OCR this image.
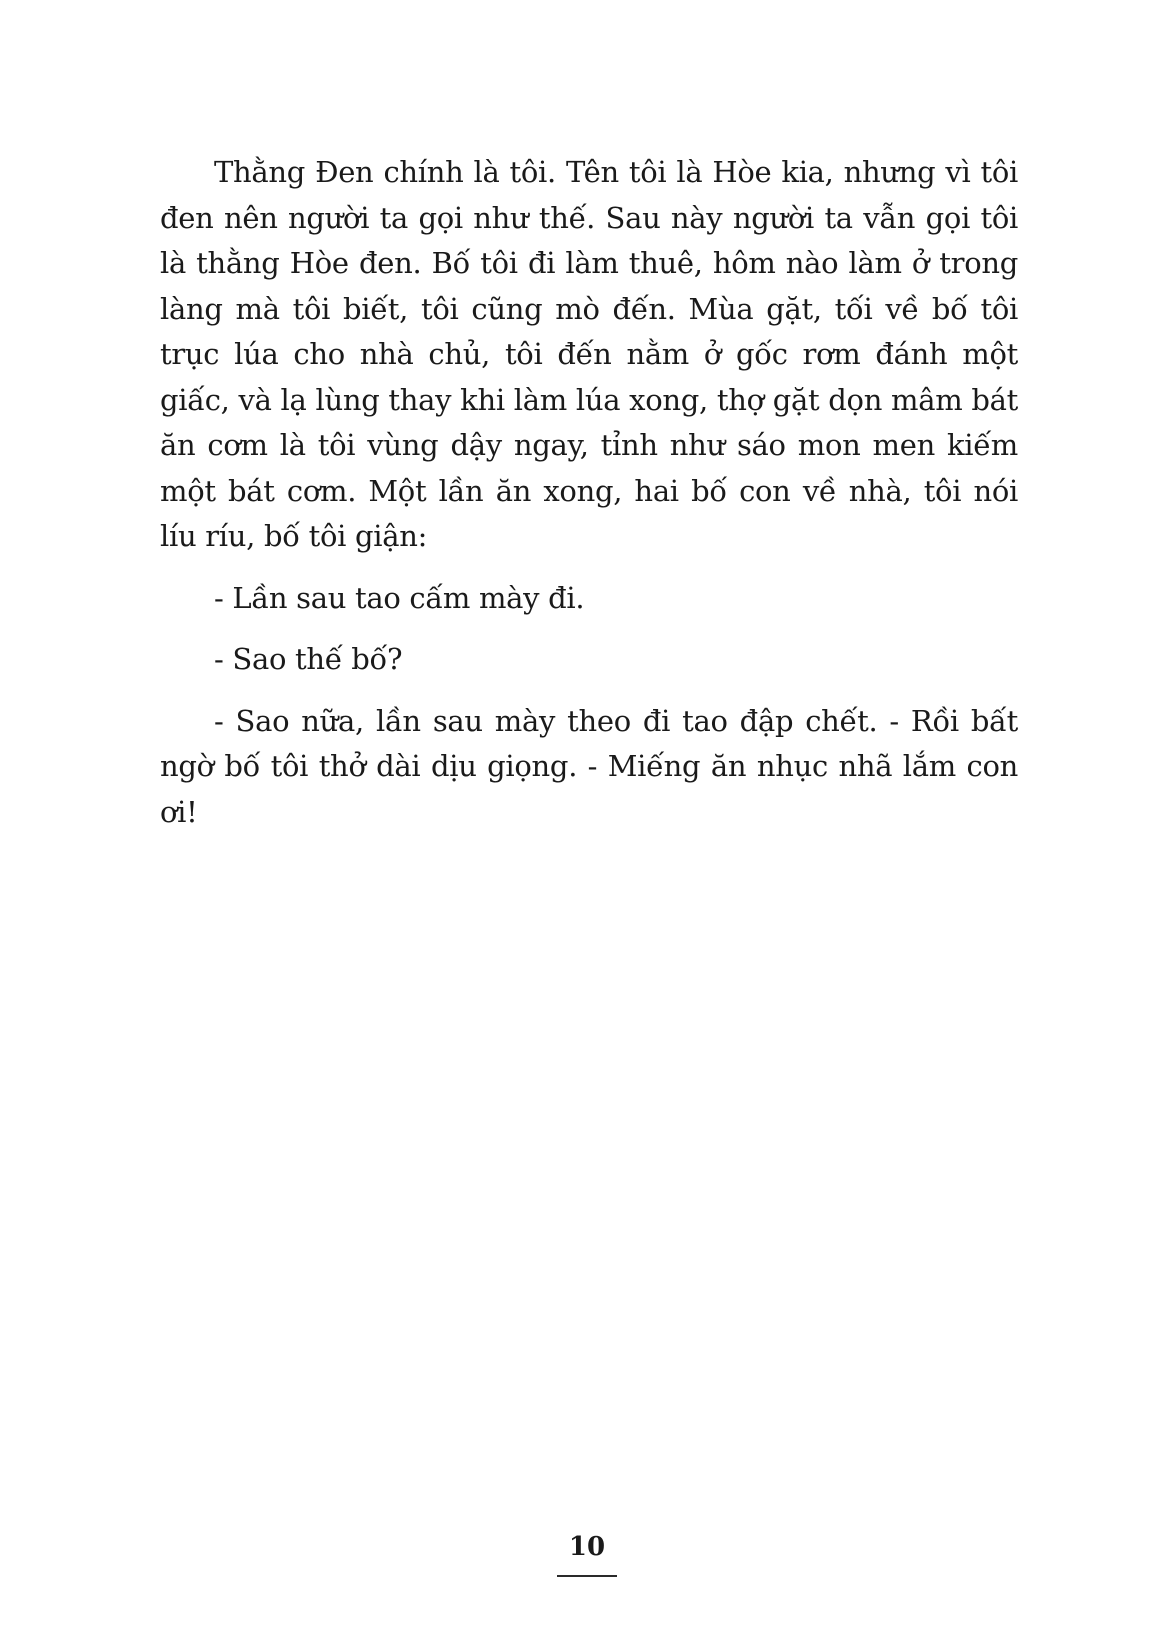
Thằng Đen chính là tôi. Tên tôi là Hòe kia, nhưng vì tôi đen nên người ta gọi như thế. Sau này người ta vẫn gọi tôi là thằng Hòe đen. Bố tôi đi làm thuê, hôm nào làm ở trong làng mà tôi biết, tôi cũng mò đến. Mùa gặt, tối về bố tôi trục lúa cho nhà chủ, tôi đến nằm ở gốc rơm đánh một giấc, và lạ lùng thay khi làm lúa xong, thợ gặt dọn mâm bát ăn cơm là tôi vùng dậy ngay, tỉnh như sáo mon men kiếm một bát cơm. Một lần ăn xong, hai bố con về nhà, tôi nói líu ríu, bố tôi giận:

- Lần sau tao cấm mày đi.

- Sao thế bố?

- Sao nữa, lần sau mày theo đi tao đập chết. - Rồi bất ngờ bố tôi thở dài dịu giọng. - Miếng ăn nhục nhã lắm con ơi!

10
